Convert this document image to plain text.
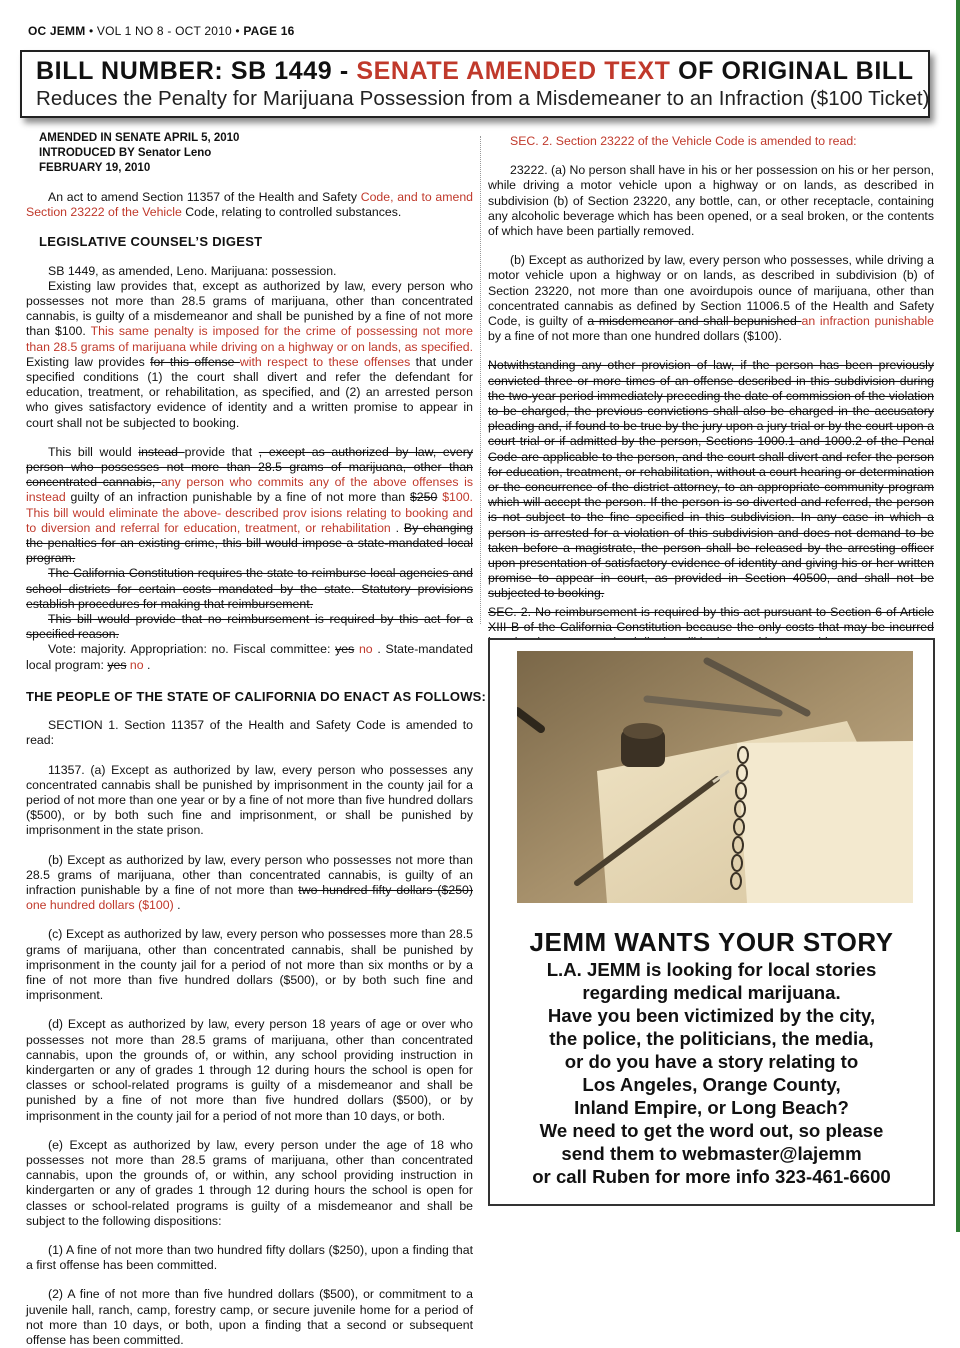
OC JEMM • VOL 1 NO 8 - OCT 2010 • PAGE 16
BILL NUMBER: SB 1449 - SENATE AMENDED TEXT OF ORIGINAL BILL
Reduces the Penalty for Marijuana Possession from a Misdemeaner to an Infraction ($100 Ticket)
AMENDED IN SENATE APRIL 5, 2010
INTRODUCED BY Senator Leno
FEBRUARY 19, 2010

An act to amend Section 11357 of the Health and Safety Code, and to amend Section 23222 of the Vehicle Code, relating to controlled substances.

LEGISLATIVE COUNSEL’S DIGEST

SB 1449, as amended, Leno. Marijuana: possession.

Existing law provides that, except as authorized by law, every person who possesses not more than 28.5 grams of marijuana, other than concentrated cannabis, is guilty of a misdemeanor and shall be punished by a fine of not more than $100. This same penalty is imposed for the crime of possessing not more than 28.5 grams of marijuana while driving on a highway or on lands, as specified. Existing law provides for this offense with respect to these offenses that under specified conditions (1) the court shall divert and refer the defendant for education, treatment, or rehabilitation, as specified, and (2) an arrested person who gives satisfactory evidence of identity and a written promise to appear in court shall not be subjected to booking.

This bill would instead provide that , except as authorized by law, every person who possesses not more than 28.5 grams of marijuana, other than concentrated cannabis, any person who commits any of the above offenses is instead guilty of an infraction punishable by a fine of not more than $250 $100. This bill would eliminate the above- described prov isions relating to booking and to diversion and referral for education, treatment, or rehabilitation . By changing the penalties for an existing crime, this bill would impose a state-mandated local program.

The California Constitution requires the state to reimburse local agencies and school districts for certain costs mandated by the state. Statutory provisions establish procedures for making that reimbursement.

This bill would provide that no reimbursement is required by this act for a specified reason.

Vote: majority. Appropriation: no. Fiscal committee: yes no . State-mandated local program: yes no .

THE PEOPLE OF THE STATE OF CALIFORNIA DO ENACT AS FOLLOWS:

SECTION 1. Section 11357 of the Health and Safety Code is amended to read:

11357. (a) Except as authorized by law, every person who possesses any concentrated cannabis shall be punished by imprisonment in the county jail for a period of not more than one year or by a fine of not more than five hundred dollars ($500), or by both such fine and imprisonment, or shall be punished by imprisonment in the state prison.

(b) Except as authorized by law, every person who possesses not more than 28.5 grams of marijuana, other than concentrated cannabis, is guilty of an infraction punishable by a fine of not more than two hundred fifty dollars ($250) one hundred dollars ($100) .

(c) Except as authorized by law, every person who possesses more than 28.5 grams of marijuana, other than concentrated cannabis, shall be punished by imprisonment in the county jail for a period of not more than six months or by a fine of not more than five hundred dollars ($500), or by both such fine and imprisonment.

(d) Except as authorized by law, every person 18 years of age or over who possesses not more than 28.5 grams of marijuana, other than concentrated cannabis, upon the grounds of, or within, any school providing instruction in kindergarten or any of grades 1 through 12 during hours the school is open for classes or school-related programs is guilty of a misdemeanor and shall be punished by a fine of not more than five hundred dollars ($500), or by imprisonment in the county jail for a period of not more than 10 days, or both.

(e) Except as authorized by law, every person under the age of 18 who possesses not more than 28.5 grams of marijuana, other than concentrated cannabis, upon the grounds of, or within, any school providing instruction in kindergarten or any of grades 1 through 12 during hours the school is open for classes or school-related programs is guilty of a misdemeanor and shall be subject to the following dispositions:

(1) A fine of not more than two hundred fifty dollars ($250), upon a finding that a first offense has been committed.

(2) A fine of not more than five hundred dollars ($500), or commitment to a juvenile hall, ranch, camp, forestry camp, or secure juvenile home for a period of not more than 10 days, or both, upon a finding that a second or subsequent offense has been committed.

SEC. 2. Section 23222 of the Vehicle Code is amended to read:

23222. (a) No person shall have in his or her possession on his or her person, while driving a motor vehicle upon a highway or on lands, as described in subdivision (b) of Section 23220, any bottle, can, or other receptacle, containing any alcoholic beverage which has been opened, or a seal broken, or the contents of which have been partially removed.

(b) Except as authorized by law, every person who possesses, while driving a motor vehicle upon a highway or on lands, as described in subdivision (b) of Section 23220, not more than one avoirdupois ounce of marijuana, other than concentrated cannabis as defined by Section 11006.5 of the Health and Safety Code, is guilty of a misdemeanor and shall bepunished an infraction punishable by a fine of not more than one hundred dollars ($100).

Notwithstanding any other provision of law, if the person has been previously convicted three or more times of an offense described in this subdivision during the two-year period immediately preceding the date of commission of the violation to be charged, the previous convictions shall also be charged in the accusatory pleading and, if found to be true by the jury upon a jury trial or by the court upon a court trial or if admitted by the person, Sections 1000.1 and 1000.2 of the Penal Code are applicable to the person, and the court shall divert and refer the person for education, treatment, or rehabilitation, without a court hearing or determination or the concurrence of the district attorney, to an appropriate community program which will accept the person. If the person is so diverted and referred, the person is not subject to the fine specified in this subdivision. In any case in which a person is arrested for a violation of this subdivision and does not demand to be taken before a magistrate, the person shall be released by the arresting officer upon presentation of satisfactory evidence of identity and giving his or her written promise to appear in court, as provided in Section 40500, and shall not be subjected to booking.

SEC. 2. No reimbursement is required by this act pursuant to Section 6 of Article XIII B of the California Constitution because the only costs that may be incurred

JEMM WANTS YOUR STORY
L.A. JEMM is looking for local stories
regarding medical marijuana.
Have you been victimized by the city,
the police, the politicians, the media,
or do you have a story relating to
Los Angeles, Orange County,
Inland Empire, or Long Beach?
We need to get the word out, so please
send them to webmaster@lajemm
or call Ruben for more info 323-461-6600
